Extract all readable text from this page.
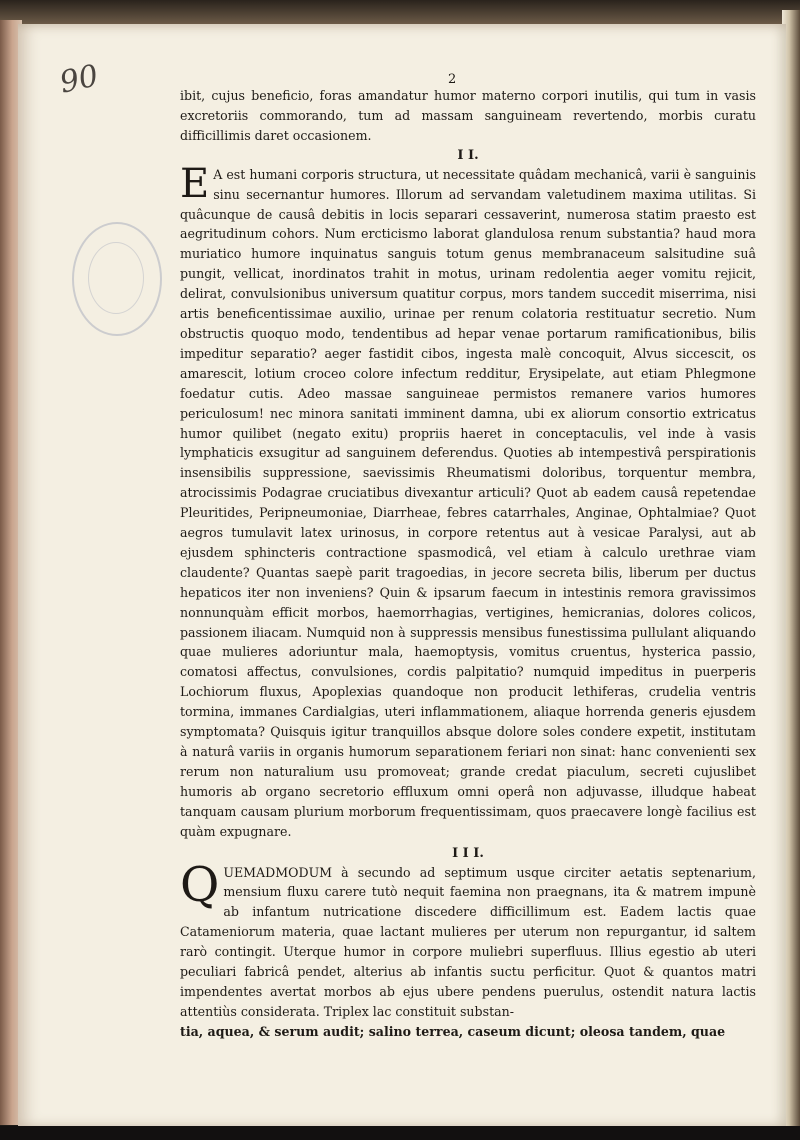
90	2

ibit, cujus beneficio, foras amandatur humor materno corpori inutilis, qui tum in vasis excretoriis commorando, tum ad massam sanguineam revertendo, morbis curatu difficillimis daret occasionem.

I I.

E A est humani corporis structura, ut necessitate quâdam mechanicâ, varii è sanguinis sinu secernantur humores. Illorum ad servandam valetudinem maxima utilitas. Si quâcunque de causâ debitis in locis separari cessaverint, numerosa statim praesto est aegritudinum cohors. Num ercticismo laborat glandulosa renum substantia? haud mora muriatico humore inquinatus sanguis totum genus membranaceum salsitudine suâ pungit, vellicat, inordinatos trahit in motus, urinam redolentia aeger vomitu rejicit, delirat, convulsionibus universum quatitur corpus, mors tandem succedit miserrima, nisi artis beneficentissimae auxilio, urinae per renum colatoria restituatur secretio. Num obstructis quoquo modo, tendentibus ad hepar venae portarum ramificationibus, bilis impeditur separatio? aeger fastidit cibos, ingesta malè concoquit, Alvus siccescit, os amarescit, lotium croceo colore infectum redditur, Erysipelate, aut etiam Phlegmone foedatur cutis. Adeo massae sanguineae permistos remanere varios humores periculosum! nec minora sanitati imminent damna, ubi ex aliorum consortio extricatus humor quilibet (negato exitu) propriis haeret in conceptaculis, vel inde à vasis lymphaticis exsugitur ad sanguinem deferendus. Quoties ab intempestivâ perspirationis insensibilis suppressione, saevissimis Rheumatismi doloribus, torquentur membra, atrocissimis Podagrae cruciatibus divexantur articuli? Quot ab eadem causâ repetendae Pleuritides, Peripneumoniae, Diarrheae, febres catarrhales, Anginae, Ophtalmiae? Quot aegros tumulavit latex urinosus, in corpore retentus aut à vesicae Paralysi, aut ab ejusdem sphincteris contractione spasmodicâ, vel etiam à calculo urethrae viam claudente? Quantas saepè parit tragoedias, in jecore secreta bilis, liberum per ductus hepaticos iter non inveniens? Quin & ipsarum faecum in intestinis remora gravissimos nonnunquàm efficit morbos, haemorrhagias, vertigines, hemicranias, dolores colicos, passionem iliacam. Numquid non à suppressis mensibus funestissima pullulant aliquando quae mulieres adoriuntur mala, haemoptysis, vomitus cruentus, hysterica passio, comatosi affectus, convulsiones, cordis palpitatio? numquid impeditus in puerperis Lochiorum fluxus, Apoplexias quandoque non producit lethiferas, crudelia ventris tormina, immanes Cardialgias, uteri inflammationem, aliaque horrenda generis ejusdem symptomata? Quisquis igitur tranquillos absque dolore soles condere expetit, institutam à naturâ variis in organis humorum separationem feriari non sinat: hanc convenienti sex rerum non naturalium usu promoveat; grande credat piaculum, secreti cujuslibet humoris ab organo secretorio effluxum omni operâ non adjuvasse, illudque habeat tanquam causam plurium morborum frequentissimam, quos praecavere longè facilius est quàm expugnare.

I I I.

Q UEMADMODUM à secundo ad septimum usque circiter aetatis septenarium, mensium fluxu carere tutò nequit faemina non praegnans, ita & matrem impunè ab infantum nutricatione discedere difficillimum est. Eadem lactis quae Catameniorum materia, quae lactant mulieres per uterum non repurgantur, id saltem rarò contingit. Uterque humor in corpore muliebri superfluus. Illius egestio ab uteri peculiari fabricâ pendet, alterius ab infantis suctu perficitur. Quot & quantos matri impendentes avertat morbos ab ejus ubere pendens puerulus, ostendit natura lactis attentiùs considerata. Triplex lac constituit substan-

tia, aquea, & serum audit; salino terrea, caseum dicunt; oleosa tandem, quae
